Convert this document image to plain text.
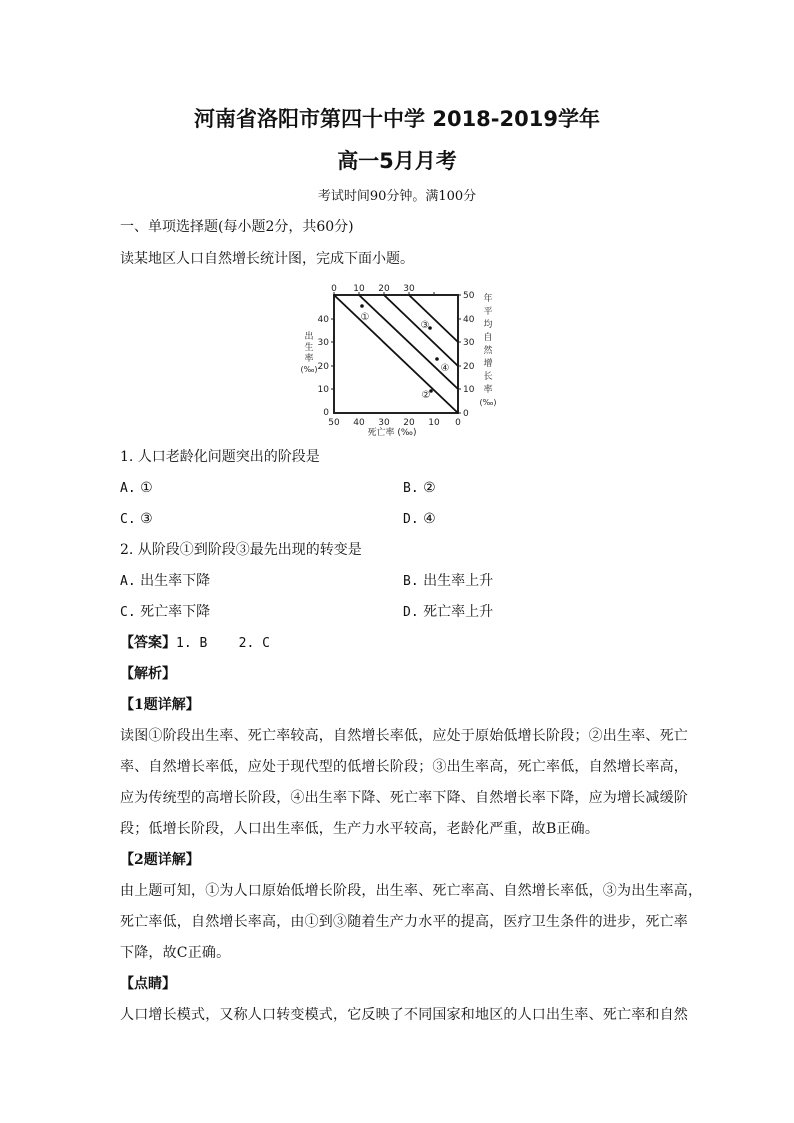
河南省洛阳市第四十中学 2018-2019学年
高一5月月考

考试时间90分钟。满100分

一、单项选择题(每小题2分，共60分)

读某地区人口自然增长统计图，完成下面小题。

0 10 20 30
40
30
20
10
0
50 40 30 20 10 0
50
40
30
20
10
0
出
生
率
(‰)
年
平
均
自
然
增
长
率
(‰)
死亡率 (‰)
①
②
③
④

1. 人口老龄化问题突出的阶段是

A. ①	B. ②

C. ③	D. ④

2. 从阶段①到阶段③最先出现的转变是

A. 出生率下降	B. 出生率上升

C. 死亡率下降	D. 死亡率上升

【答案】1. B    2. C

【解析】

【1题详解】

读图①阶段出生率、死亡率较高，自然增长率低，应处于原始低增长阶段；②出生率、死亡

率、自然增长率低，应处于现代型的低增长阶段；③出生率高，死亡率低，自然增长率高，

应为传统型的高增长阶段，④出生率下降、死亡率下降、自然增长率下降，应为增长减缓阶

段；低增长阶段，人口出生率低，生产力水平较高，老龄化严重，故B正确。

【2题详解】

由上题可知，①为人口原始低增长阶段，出生率、死亡率高、自然增长率低，③为出生率高，

死亡率低，自然增长率高，由①到③随着生产力水平的提高，医疗卫生条件的进步，死亡率

下降，故C正确。

【点睛】

人口增长模式，又称人口转变模式，它反映了不同国家和地区的人口出生率、死亡率和自然
